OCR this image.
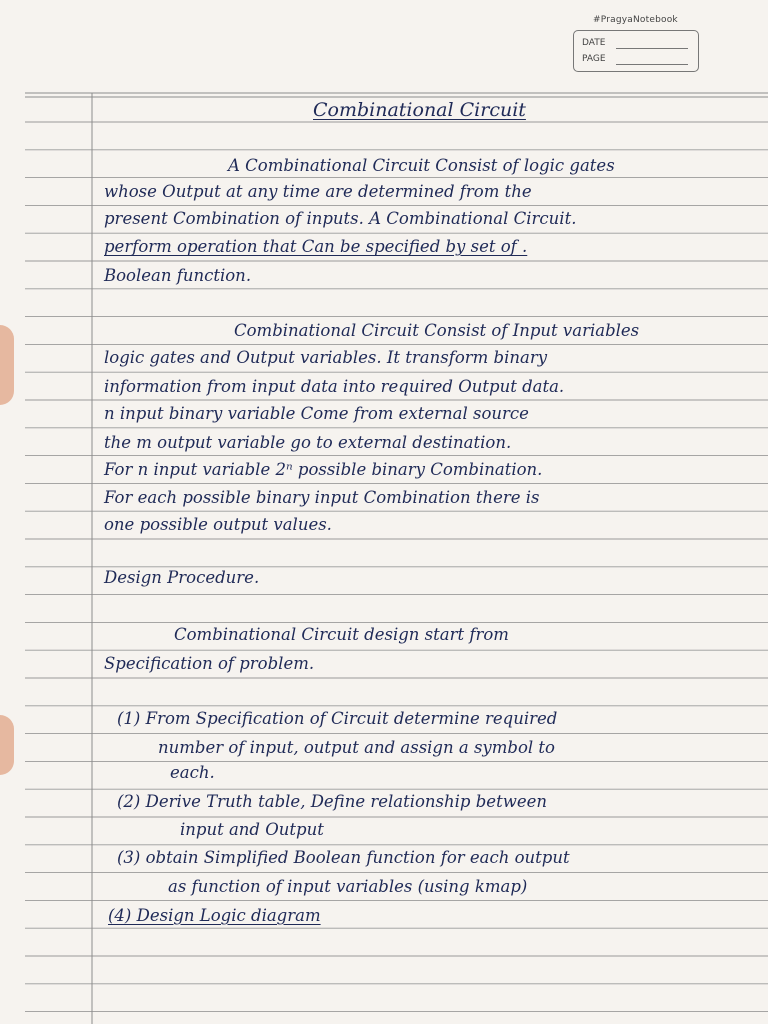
#PragyaNotebook
DATE
PAGE
Combinational Circuit
A Combinational Circuit Consist of logic gates
whose Output at any time are determined from the
present Combination of inputs. A Combinational Circuit.
perform operation that Can be specified by set of .
Boolean function.
Combinational Circuit Consist of Input variables
logic gates and Output variables. It transform binary
information from input data into required Output data.
n input binary variable Come from external source
the m output variable go to external destination.
For n input variable 2ⁿ possible binary Combination.
For each possible binary input Combination there is
one possible output values.
Design Procedure.
Combinational Circuit design start from
Specification of problem.
(1) From Specification of Circuit determine required
number of input, output and assign a symbol to
each.
(2) Derive Truth table, Define relationship between
input and Output
(3) obtain Simplified Boolean function for each output
as function of input variables (using kmap)
(4) Design Logic diagram
